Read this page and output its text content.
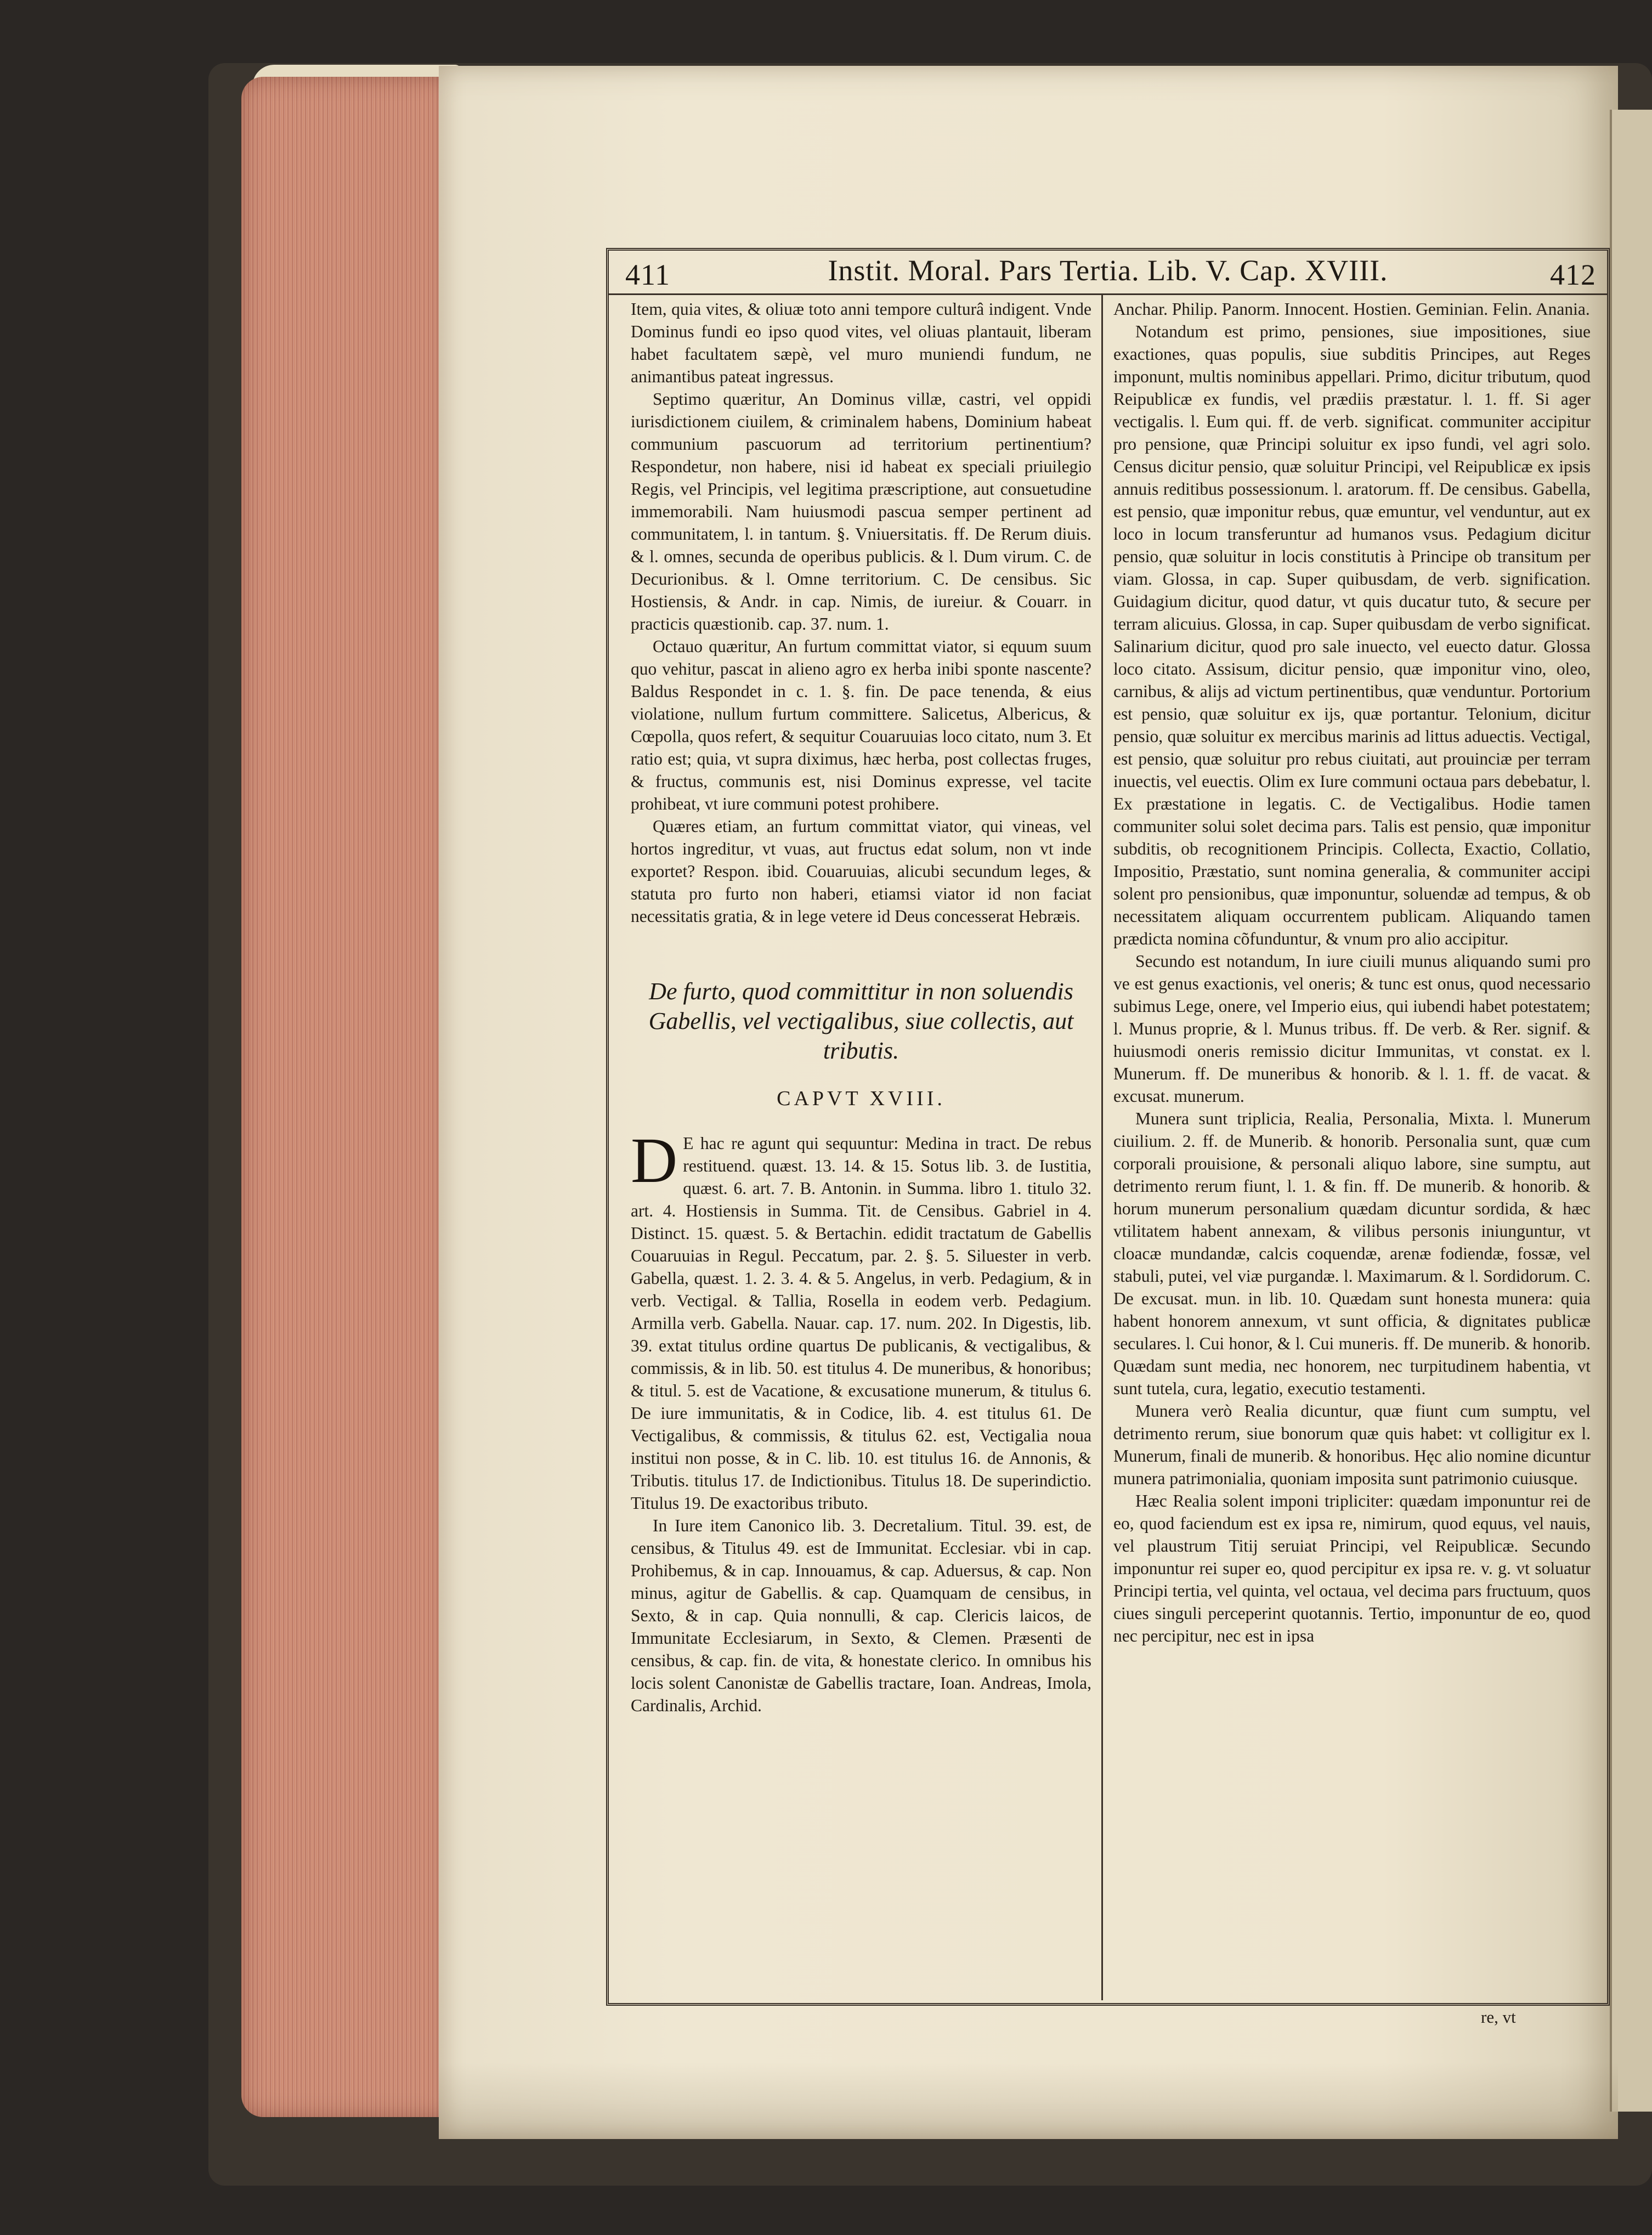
411	Instit. Moral. Pars Tertia. Lib. V. Cap. XVIII.	412

Item, quia vites, & oliuæ toto anni tempore culturâ indigent. Vnde Dominus fundi eo ipso quod vites, vel oliuas plantauit, liberam habet facultatem sæpè, vel muro muniendi fundum, ne animantibus pateat ingressus.

Septimo quæritur, An Dominus villæ, castri, vel oppidi iurisdictionem ciuilem, & criminalem habens, Dominium habeat communium pascuorum ad territorium pertinentium? Respondetur, non habere, nisi id habeat ex speciali priuilegio Regis, vel Principis, vel legitima præscriptione, aut consuetudine immemorabili. Nam huiusmodi pascua semper pertinent ad communitatem, l. in tantum. §. Vniuersitatis. ff. De Rerum diuis. & l. omnes, secunda de operibus publicis. & l. Dum virum. C. de Decurionibus. & l. Omne territorium. C. De censibus. Sic Hostiensis, & Andr. in cap. Nimis, de iureiur. & Couarr. in practicis quæstionib. cap. 37. num. 1.

Octauo quæritur, An furtum committat viator, si equum suum quo vehitur, pascat in alieno agro ex herba inibi sponte nascente? Baldus Respondet in c. 1. §. fin. De pace tenenda, & eius violatione, nullum furtum committere. Salicetus, Albericus, & Cœpolla, quos refert, & sequitur Couaruuias loco citato, num 3. Et ratio est; quia, vt supra diximus, hæc herba, post collectas fruges, & fructus, communis est, nisi Dominus expresse, vel tacite prohibeat, vt iure communi potest prohibere.

Quæres etiam, an furtum committat viator, qui vineas, vel hortos ingreditur, vt vuas, aut fructus edat solum, non vt inde exportet? Respon. ibid. Couaruuias, alicubi secundum leges, & statuta pro furto non haberi, etiamsi viator id non faciat necessitatis gratia, & in lege vetere id Deus concesserat Hebræis.

De furto, quod committitur in non soluendis Gabellis, vel vectigalibus, siue collectis, aut tributis.
CAPVT XVIII.

D E hac re agunt qui sequuntur: Medina in tract. De rebus restituend. quæst. 13. 14. & 15. Sotus lib. 3. de Iustitia, quæst. 6. art. 7. B. Antonin. in Summa. libro 1. titulo 32. art. 4. Hostiensis in Summa. Tit. de Censibus. Gabriel in 4. Distinct. 15. quæst. 5. & Bertachin. edidit tractatum de Gabellis Couaruuias in Regul. Peccatum, par. 2. §. 5. Siluester in verb. Gabella, quæst. 1. 2. 3. 4. & 5. Angelus, in verb. Pedagium, & in verb. Vectigal. & Tallia, Rosella in eodem verb. Pedagium. Armilla verb. Gabella. Nauar. cap. 17. num. 202. In Digestis, lib. 39. extat titulus ordine quartus De publicanis, & vectigalibus, & commissis, & in lib. 50. est titulus 4. De muneribus, & honoribus; & titul. 5. est de Vacatione, & excusatione munerum, & titulus 6. De iure immunitatis, & in Codice, lib. 4. est titulus 61. De Vectigalibus, & commissis, & titulus 62. est, Vectigalia noua institui non posse, & in C. lib. 10. est titulus 16. de Annonis, & Tributis. titulus 17. de Indictionibus. Titulus 18. De superindictio. Titulus 19. De exactoribus tributo.

In Iure item Canonico lib. 3. Decretalium. Titul. 39. est, de censibus, & Titulus 49. est de Immunitat. Ecclesiar. vbi in cap. Prohibemus, & in cap. Innouamus, & cap. Aduersus, & cap. Non minus, agitur de Gabellis. & cap. Quamquam de censibus, in Sexto, & in cap. Quia nonnulli, & cap. Clericis laicos, de Immunitate Ecclesiarum, in Sexto, & Clemen. Præsenti de censibus, & cap. fin. de vita, & honestate clerico. In omnibus his locis solent Canonistæ de Gabellis tractare, Ioan. Andreas, Imola, Cardinalis, Archid.

Anchar. Philip. Panorm. Innocent. Hostien. Geminian. Felin. Anania.

Notandum est primo, pensiones, siue impositiones, siue exactiones, quas populis, siue subditis Principes, aut Reges imponunt, multis nominibus appellari. Primo, dicitur tributum, quod Reipublicæ ex fundis, vel prædiis præstatur. l. 1. ff. Si ager vectigalis. l. Eum qui. ff. de verb. significat. communiter accipitur pro pensione, quæ Principi soluitur ex ipso fundi, vel agri solo. Census dicitur pensio, quæ soluitur Principi, vel Reipublicæ ex ipsis annuis reditibus possessionum. l. aratorum. ff. De censibus. Gabella, est pensio, quæ imponitur rebus, quæ emuntur, vel venduntur, aut ex loco in locum transferuntur ad humanos vsus. Pedagium dicitur pensio, quæ soluitur in locis constitutis à Principe ob transitum per viam. Glossa, in cap. Super quibusdam, de verb. signification. Guidagium dicitur, quod datur, vt quis ducatur tuto, & secure per terram alicuius. Glossa, in cap. Super quibusdam de verbo significat. Salinarium dicitur, quod pro sale inuecto, vel euecto datur. Glossa loco citato. Assisum, dicitur pensio, quæ imponitur vino, oleo, carnibus, & alijs ad victum pertinentibus, quæ venduntur. Portorium est pensio, quæ soluitur ex ijs, quæ portantur. Telonium, dicitur pensio, quæ soluitur ex mercibus marinis ad littus aduectis. Vectigal, est pensio, quæ soluitur pro rebus ciuitati, aut prouinciæ per terram inuectis, vel euectis. Olim ex Iure communi octaua pars debebatur, l. Ex præstatione in legatis. C. de Vectigalibus. Hodie tamen communiter solui solet decima pars. Talis est pensio, quæ imponitur subditis, ob recognitionem Principis. Collecta, Exactio, Collatio, Impositio, Præstatio, sunt nomina generalia, & communiter accipi solent pro pensionibus, quæ imponuntur, soluendæ ad tempus, & ob necessitatem aliquam occurrentem publicam. Aliquando tamen prædicta nomina cõfunduntur, & vnum pro alio accipitur.

Secundo est notandum, In iure ciuili munus aliquando sumi pro ve est genus exactionis, vel oneris; & tunc est onus, quod necessario subimus Lege, onere, vel Imperio eius, qui iubendi habet potestatem; l. Munus proprie, & l. Munus tribus. ff. De verb. & Rer. signif. & huiusmodi oneris remissio dicitur Immunitas, vt constat. ex l. Munerum. ff. De muneribus & honorib. & l. 1. ff. de vacat. & excusat. munerum.

Munera sunt triplicia, Realia, Personalia, Mixta. l. Munerum ciuilium. 2. ff. de Munerib. & honorib. Personalia sunt, quæ cum corporali prouisione, & personali aliquo labore, sine sumptu, aut detrimento rerum fiunt, l. 1. & fin. ff. De munerib. & honorib. & horum munerum personalium quædam dicuntur sordida, & hæc vtilitatem habent annexam, & vilibus personis iniunguntur, vt cloacæ mundandæ, calcis coquendæ, arenæ fodiendæ, fossæ, vel stabuli, putei, vel viæ purgandæ. l. Maximarum. & l. Sordidorum. C. De excusat. mun. in lib. 10. Quædam sunt honesta munera: quia habent honorem annexum, vt sunt officia, & dignitates publicæ seculares. l. Cui honor, & l. Cui muneris. ff. De munerib. & honorib. Quædam sunt media, nec honorem, nec turpitudinem habentia, vt sunt tutela, cura, legatio, executio testamenti.

Munera verò Realia dicuntur, quæ fiunt cum sumptu, vel detrimento rerum, siue bonorum quæ quis habet: vt colligitur ex l. Munerum, finali de munerib. & honoribus. Hęc alio nomine dicuntur munera patrimonialia, quoniam imposita sunt patrimonio cuiusque.

Hæc Realia solent imponi tripliciter: quædam imponuntur rei de eo, quod faciendum est ex ipsa re, nimirum, quod equus, vel nauis, vel plaustrum Titij seruiat Principi, vel Reipublicæ. Secundo imponuntur rei super eo, quod percipitur ex ipsa re. v. g. vt soluatur Principi tertia, vel quinta, vel octaua, vel decima pars fructuum, quos ciues singuli perceperint quotannis. Tertio, imponuntur de eo, quod nec percipitur, nec est in ipsa

re, vt
